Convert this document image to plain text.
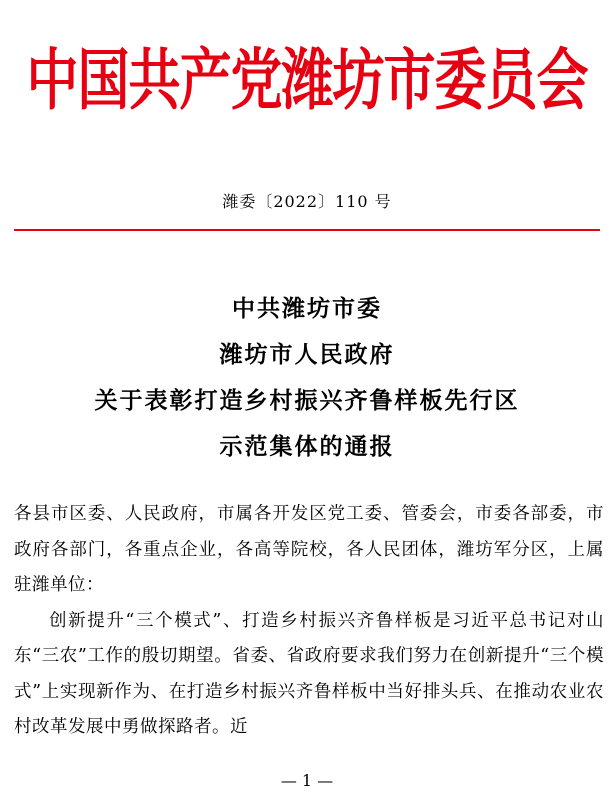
中国共产党潍坊市委员会
潍委〔2022〕110 号
中共潍坊市委
潍坊市人民政府
关于表彰打造乡村振兴齐鲁样板先行区
示范集体的通报

各县市区委、人民政府，市属各开发区党工委、管委会，市委各部委，市政府各部门，各重点企业，各高等院校，各人民团体，潍坊军分区，上属驻潍单位：

创新提升“三个模式”、打造乡村振兴齐鲁样板是习近平总书记对山东“三农”工作的殷切期望。省委、省政府要求我们努力在创新提升“三个模式”上实现新作为、在打造乡村振兴齐鲁样板中当好排头兵、在推动农业农村改革发展中勇做探路者。近

— 1 —
